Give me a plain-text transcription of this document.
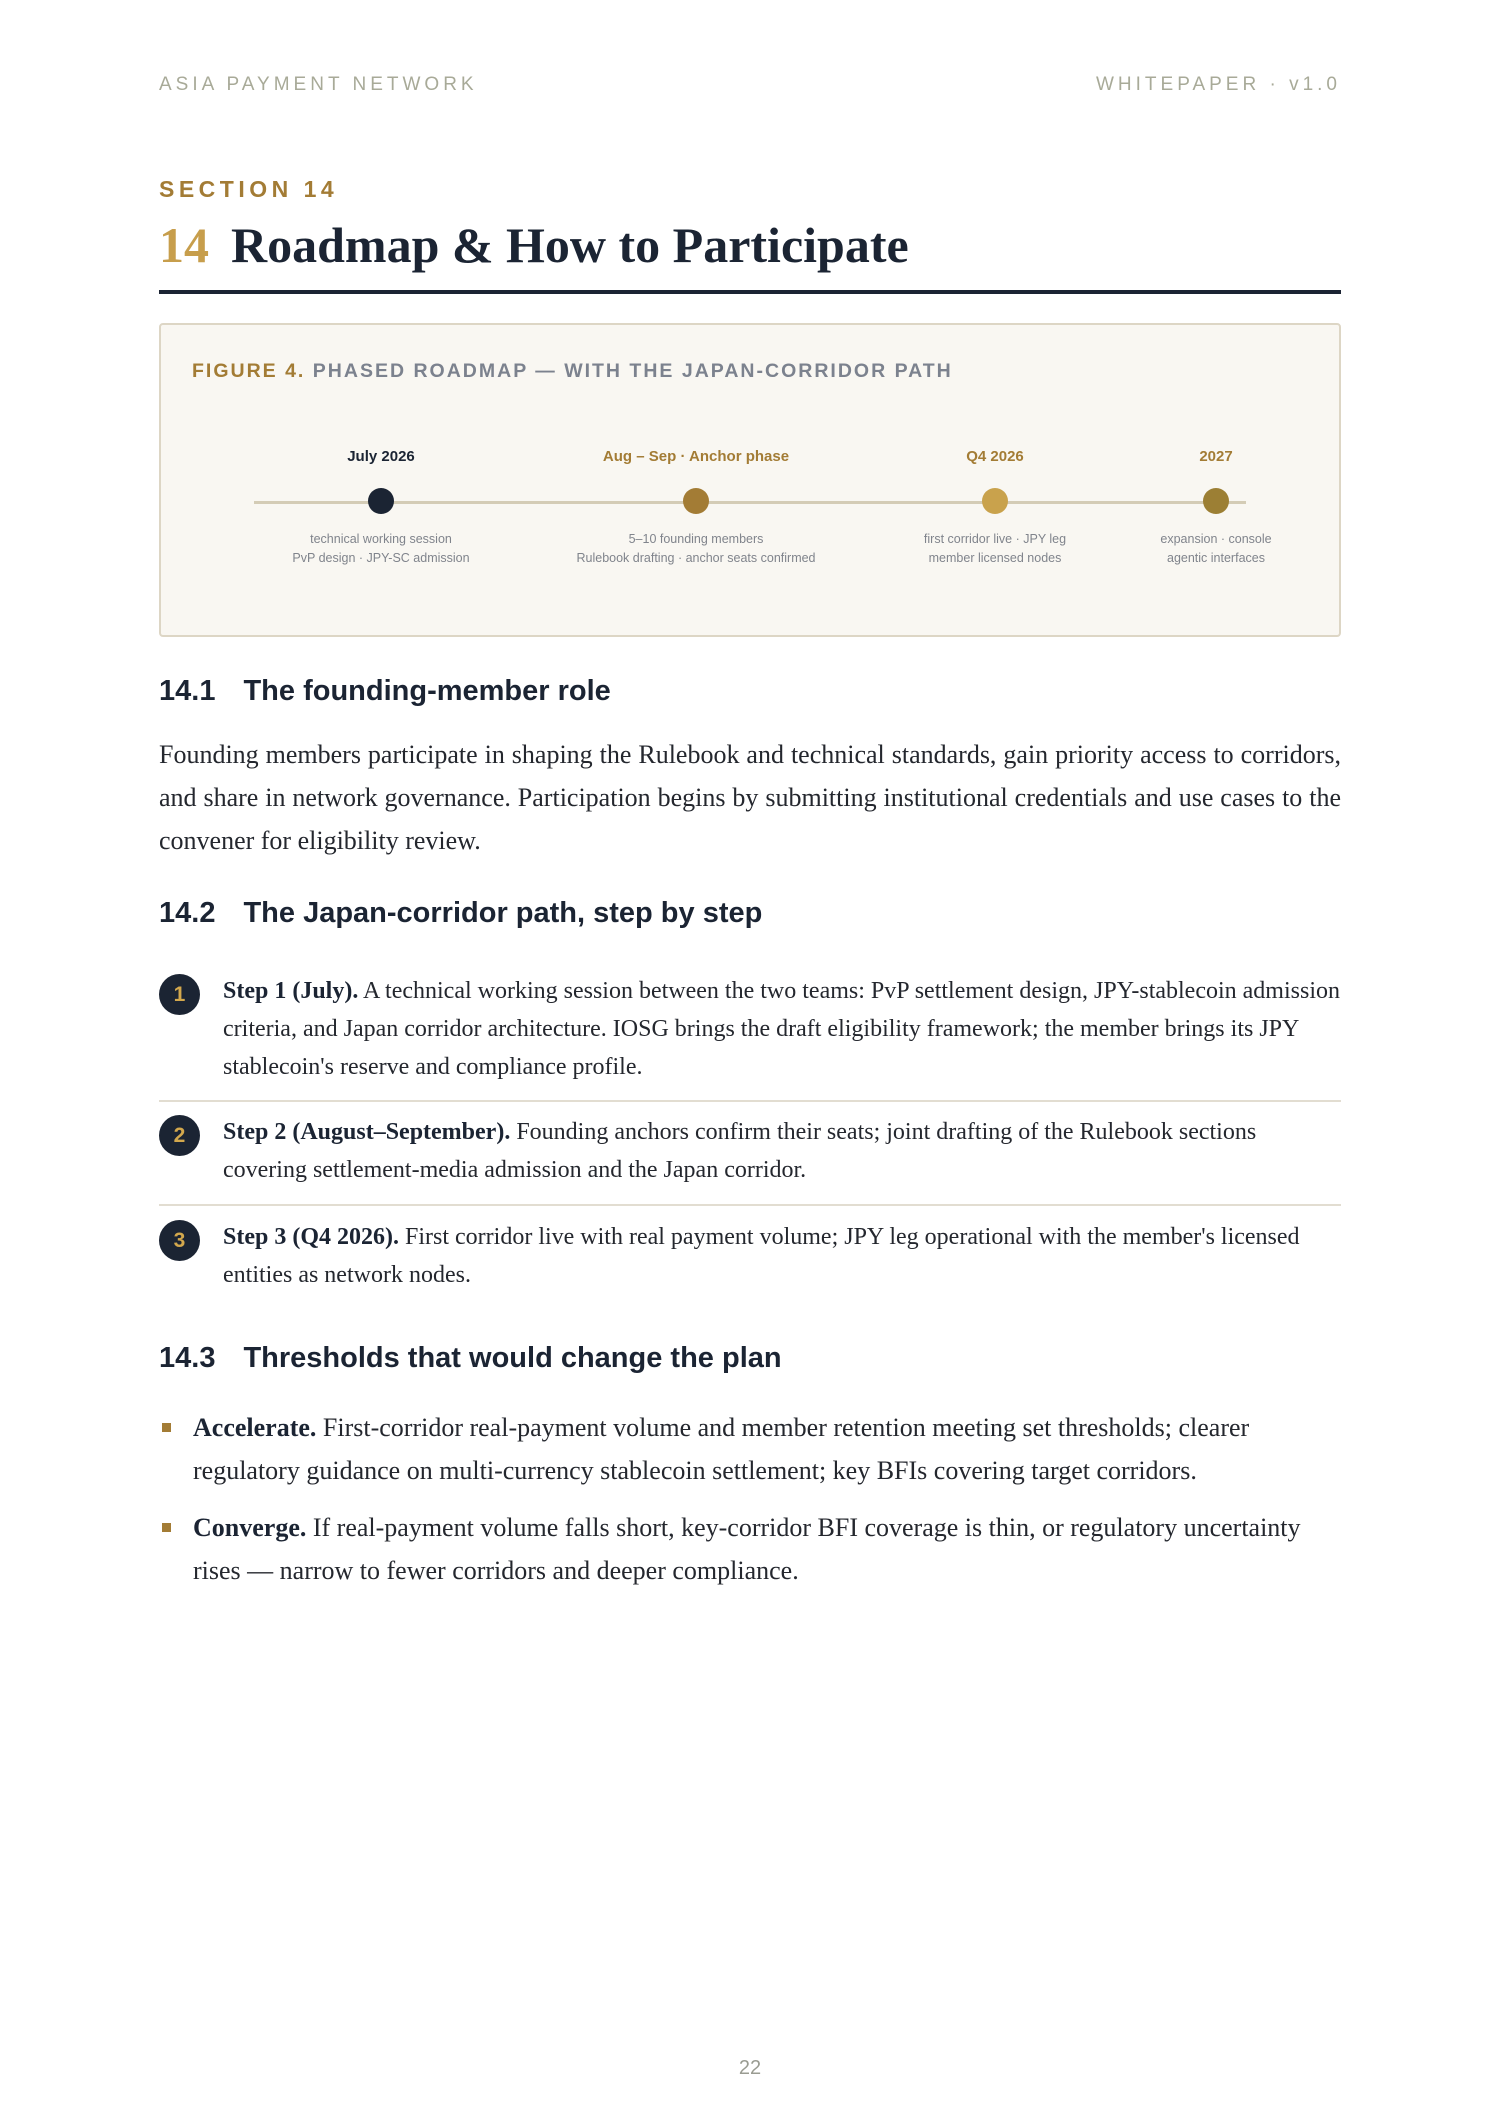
ASIA PAYMENT NETWORK	WHITEPAPER · v1.0
SECTION 14
14 Roadmap & How to Participate
FIGURE 4. PHASED ROADMAP — WITH THE JAPAN-CORRIDOR PATH
July 2026
technical working session
PvP design · JPY-SC admission
Aug – Sep · Anchor phase
5–10 founding members
Rulebook drafting · anchor seats confirmed
Q4 2026
first corridor live · JPY leg
member licensed nodes
2027
expansion · console
agentic interfaces
14.1 The founding-member role

Founding members participate in shaping the Rulebook and technical standards, gain priority access to corridors, and share in network governance. Participation begins by submitting institutional credentials and use cases to the convener for eligibility review.

14.2 The Japan-corridor path, step by step
1	Step 1 (July). A technical working session between the two teams: PvP settlement design, JPY-stablecoin admission criteria, and Japan corridor architecture. IOSG brings the draft eligibility framework; the member brings its JPY stablecoin's reserve and compliance profile.
2	Step 2 (August–September). Founding anchors confirm their seats; joint drafting of the Rulebook sections covering settlement-media admission and the Japan corridor.
3	Step 3 (Q4 2026). First corridor live with real payment volume; JPY leg operational with the member's licensed entities as network nodes.
14.3 Thresholds that would change the plan
Accelerate. First-corridor real-payment volume and member retention meeting set thresholds; clearer regulatory guidance on multi-currency stablecoin settlement; key BFIs covering target corridors.
Converge. If real-payment volume falls short, key-corridor BFI coverage is thin, or regulatory uncertainty rises — narrow to fewer corridors and deeper compliance.
22
